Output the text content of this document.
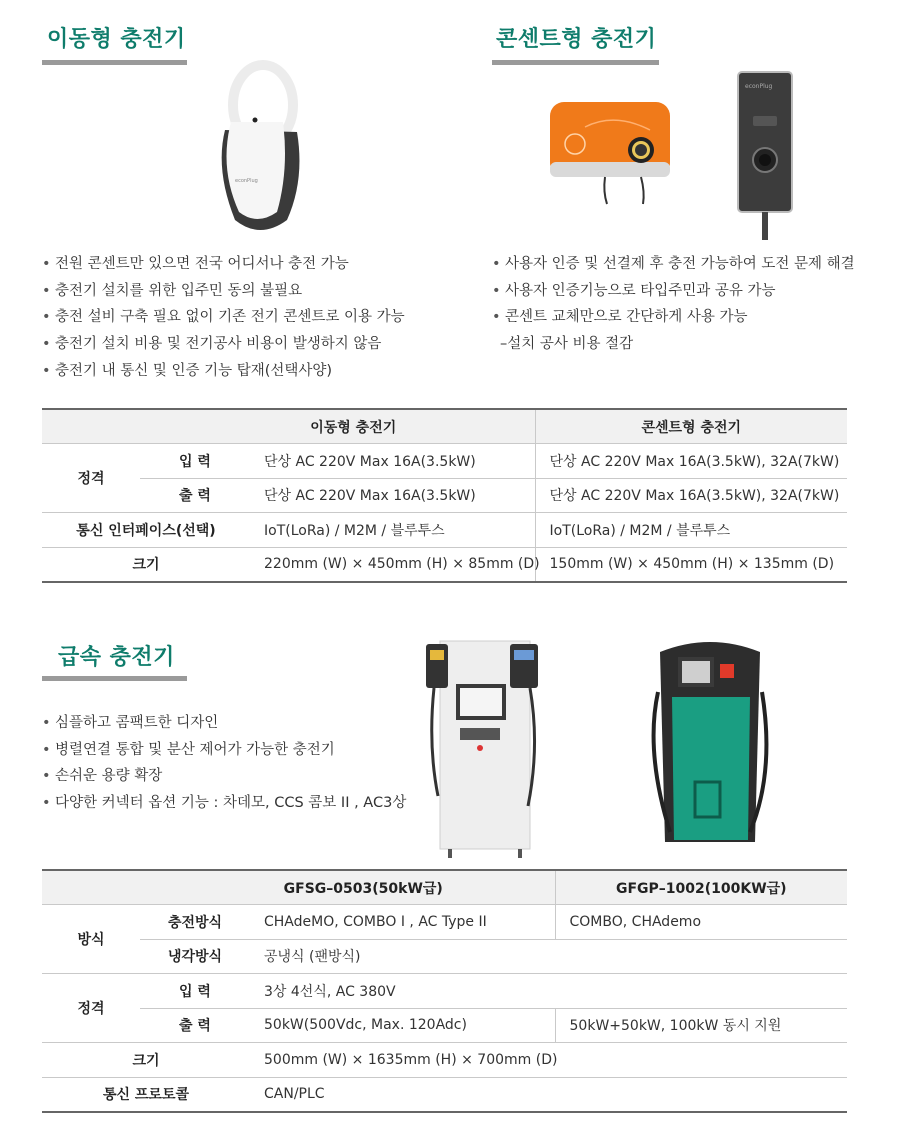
이동형 충전기	콘센트형 충전기
급속 충전기
econPlug
econPlug
• 전원 콘센트만 있으면 전국 어디서나 충전 가능
• 충전기 설치를 위한 입주민 동의 불필요
• 충전 설비 구축 필요 없이 기존 전기 콘센트로 이용 가능
• 충전기 설치 비용 및 전기공사 비용이 발생하지 않음
• 충전기 내 통신 및 인증 기능 탑재(선택사양)
• 사용자 인증 및 선결제 후 충전 가능하여 도전 문제 해결
• 사용자 인증기능으로 타입주민과 공유 가능
• 콘센트 교체만으로 간단하게 사용 가능
–설치 공사 비용 절감
• 심플하고 콤팩트한 디자인
• 병렬연결 통합 및 분산 제어가 가능한 충전기
• 손쉬운 용량 확장
• 다양한 커넥터 옵션 기능 : 차데모, CCS 콤보 II , AC3상
이동형 충전기			콘센트형 충전기
정격	입 력	단상 AC 220V Max 16A(3.5kW)	단상 AC 220V Max 16A(3.5kW), 32A(7kW)
	출 력	단상 AC 220V Max 16A(3.5kW)	단상 AC 220V Max 16A(3.5kW), 32A(7kW)
통신 인터페이스(선택)		IoT(LoRa) / M2M / 블루투스	IoT(LoRa) / M2M / 블루투스
크기		220mm (W) × 450mm (H) × 85mm (D)	150mm (W) × 450mm (H) × 135mm (D)
GFSG–0503(50kW급)			GFGP–1002(100KW급)
방식	충전방식	CHAdeMO, COMBO Ⅰ , AC Type II	COMBO, CHAdemo
	냉각방식	공냉식 (팬방식)	
정격	입 력	3상 4선식, AC 380V	
	출 력	50kW(500Vdc, Max. 120Adc)	50kW+50kW, 100kW 동시 지원
크기		500mm (W) × 1635mm (H) × 700mm (D)	
통신 프로토콜		CAN/PLC	
